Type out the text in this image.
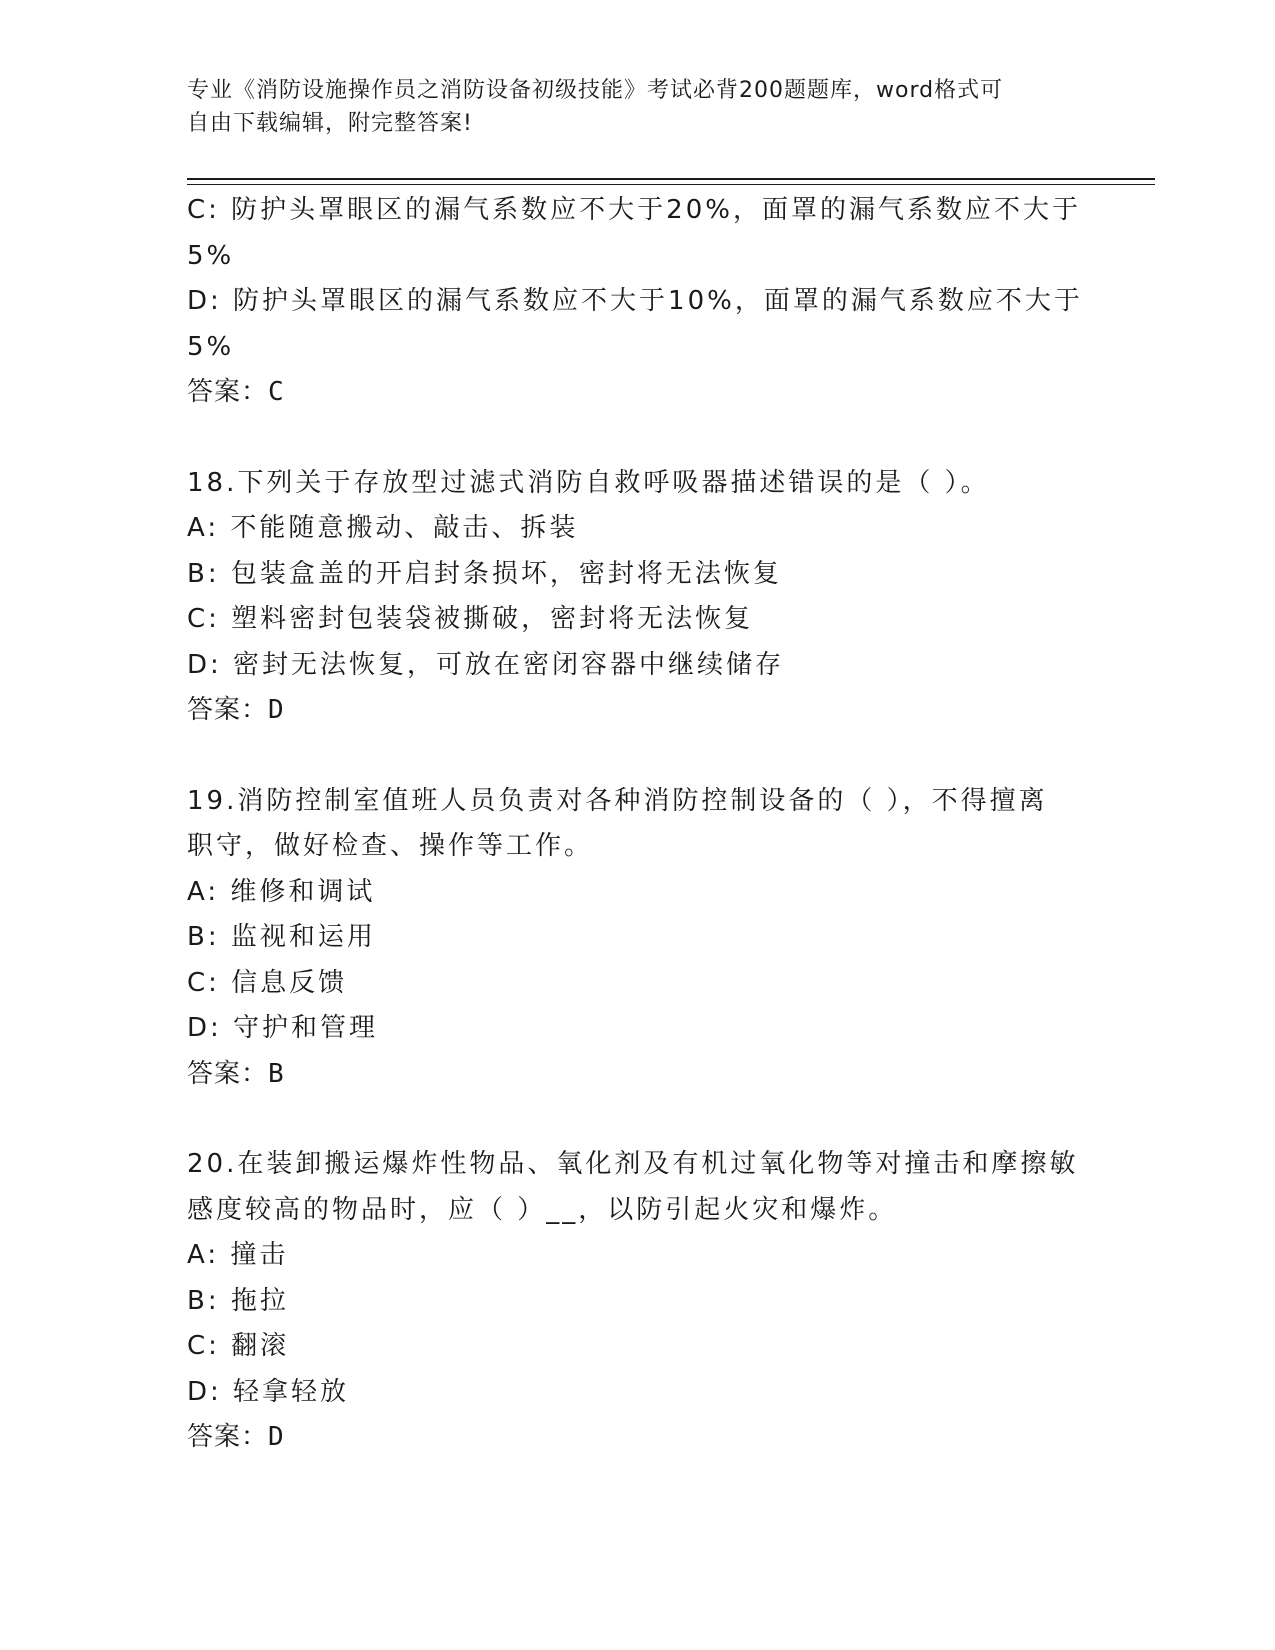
专业《消防设施操作员之消防设备初级技能》考试必背200题题库，word格式可
自由下载编辑，附完整答案!
C: 防护头罩眼区的漏气系数应不大于20%，面罩的漏气系数应不大于
5%
D: 防护头罩眼区的漏气系数应不大于10%，面罩的漏气系数应不大于
5%
答案：C
18.下列关于存放型过滤式消防自救呼吸器描述错误的是（ ）。
A: 不能随意搬动、敲击、拆装
B: 包装盒盖的开启封条损坏，密封将无法恢复
C: 塑料密封包装袋被撕破，密封将无法恢复
D: 密封无法恢复，可放在密闭容器中继续储存
答案：D
19.消防控制室值班人员负责对各种消防控制设备的（ ），不得擅离
职守，做好检查、操作等工作。
A: 维修和调试
B: 监视和运用
C: 信息反馈
D: 守护和管理
答案：B
20.在装卸搬运爆炸性物品、氧化剂及有机过氧化物等对撞击和摩擦敏
感度较高的物品时，应（ ）__，以防引起火灾和爆炸。
A: 撞击
B: 拖拉
C: 翻滚
D: 轻拿轻放
答案：D
